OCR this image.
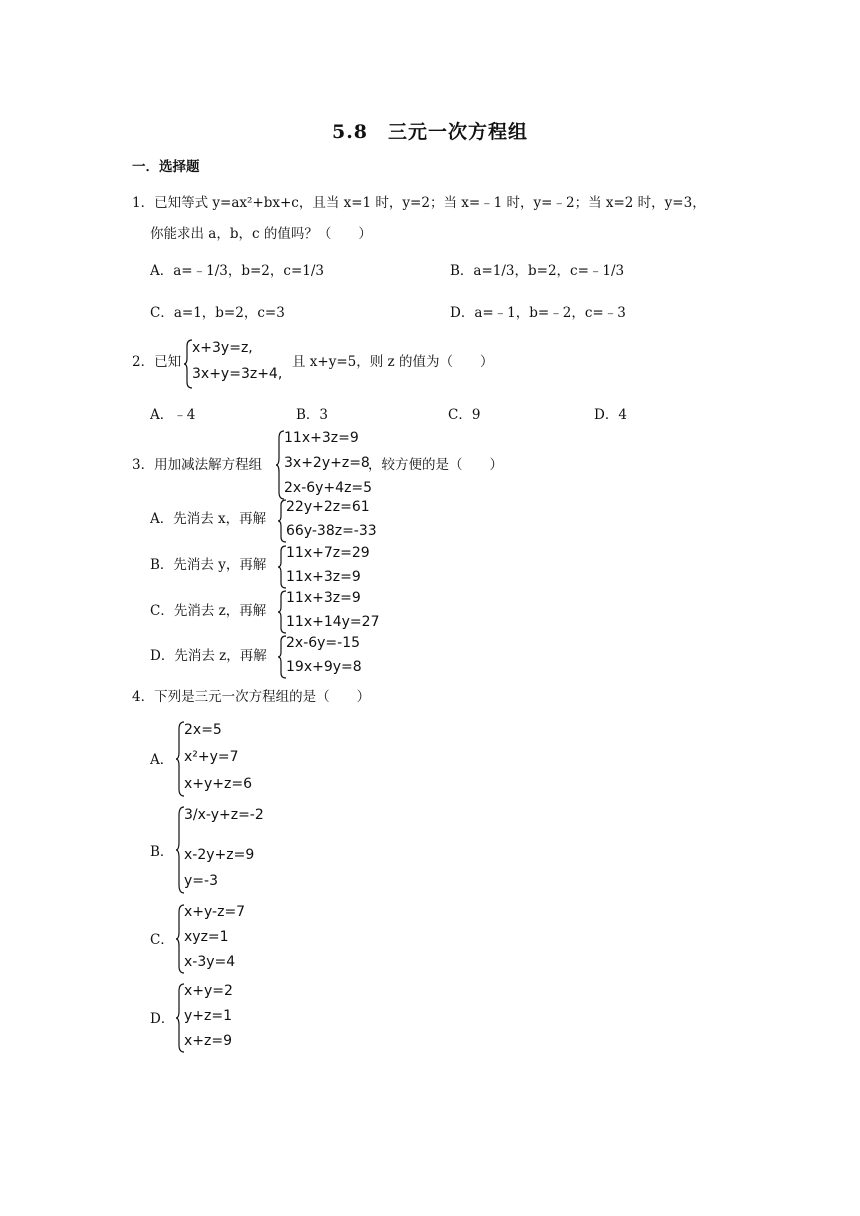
5.8　三元一次方程组
一．选择题
1．已知等式 y=ax²+bx+c，且当 x=1 时，y=2；当 x=﹣1 时，y=﹣2；当 x=2 时，y=3，
你能求出 a，b，c 的值吗？（　　）
A．a=﹣1/3，b=2，c=1/3	B．a=1/3，b=2，c=﹣1/3
C．a=1，b=2，c=3	D．a=﹣1，b=﹣2，c=﹣3
2．已知
x+3y=z,
3x+y=3z+4,
且 x+y=5，则 z 的值为（　　）
A．﹣4	B．3	C．9	D．4
3．用加减法解方程组
11x+3z=9
3x+2y+z=8
2x-6y+4z=5
，较方便的是（　　）
A．先消去 x，再解
22y+2z=61
66y-38z=-33
B．先消去 y，再解
11x+7z=29
11x+3z=9
C．先消去 z，再解
11x+3z=9
11x+14y=27
D．先消去 z，再解
2x-6y=-15
19x+9y=8
4．下列是三元一次方程组的是（　　）
A．
2x=5
x²+y=7
x+y+z=6
B．
3/x-y+z=-2
x-2y+z=9
y=-3
C．
x+y-z=7
xyz=1
x-3y=4
D．
x+y=2
y+z=1
x+z=9
